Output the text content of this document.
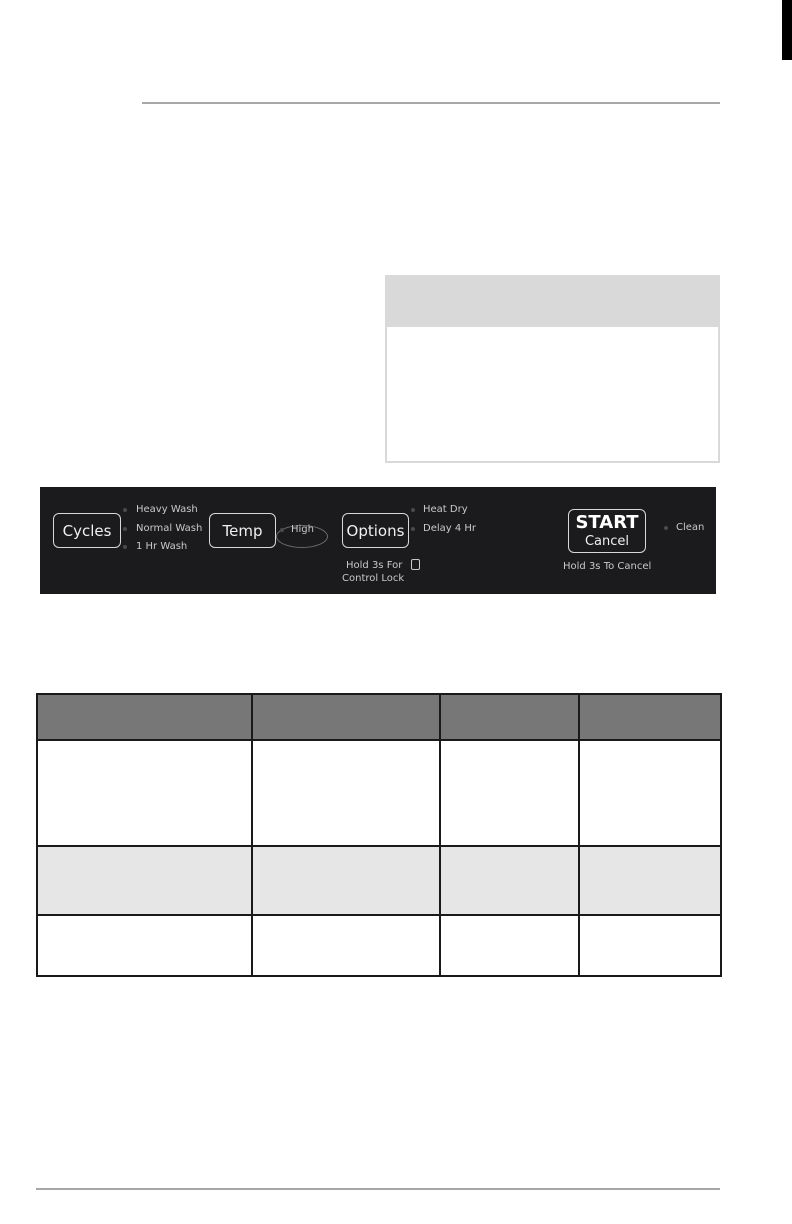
Cycles
Heavy Wash
Normal Wash
1 Hr Wash
Temp	High	Options
Heat Dry
Delay 4 Hr
Hold 3s For
Control Lock
START
Cancel
Clean
Hold 3s To Cancel
